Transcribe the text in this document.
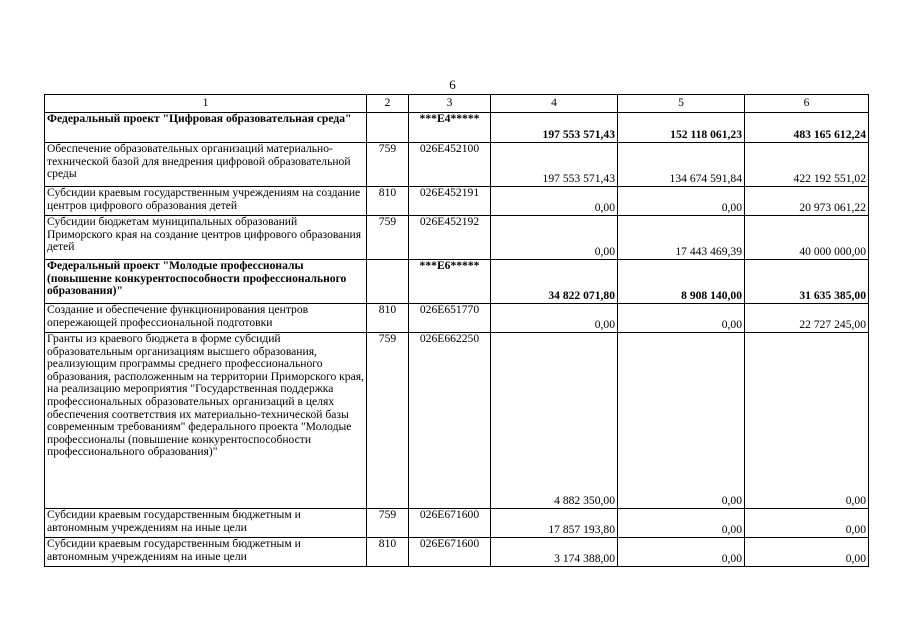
6
1	2	3	4	5	6
Федеральный проект "Цифровая образовательная среда"		***Е4*****	197 553 571,43	152 118 061,23	483 165 612,24
Обеспечение образовательных организаций материально-технической базой для внедрения цифровой образовательной среды	759	026Е452100	197 553 571,43	134 674 591,84	422 192 551,02
Субсидии краевым государственным учреждениям на создание центров цифрового образования детей	810	026Е452191	0,00	0,00	20 973 061,22
Субсидии бюджетам муниципальных образований Приморского края на создание центров цифрового образования детей	759	026Е452192	0,00	17 443 469,39	40 000 000,00
Федеральный проект "Молодые профессионалы (повышение конкурентоспособности профессионального образования)"		***Е6*****	34 822 071,80	8 908 140,00	31 635 385,00
Создание и обеспечение функционирования центров опережающей профессиональной подготовки	810	026Е651770	0,00	0,00	22 727 245,00
Гранты из краевого бюджета в форме субсидий образовательным организациям высшего образования, реализующим программы среднего профессионального образования, расположенным на территории Приморского края, на реализацию мероприятия "Государственная поддержка профессиональных образовательных организаций в целях обеспечения соответствия их материально-технической базы современным требованиям" федерального проекта "Молодые профессионалы (повышение конкурентоспособности профессионального образования)"	759	026Е662250	4 882 350,00	0,00	0,00
Субсидии краевым государственным бюджетным и автономным учреждениям на иные цели	759	026Е671600	17 857 193,80	0,00	0,00
Субсидии краевым государственным бюджетным и автономным учреждениям на иные цели	810	026Е671600	3 174 388,00	0,00	0,00
